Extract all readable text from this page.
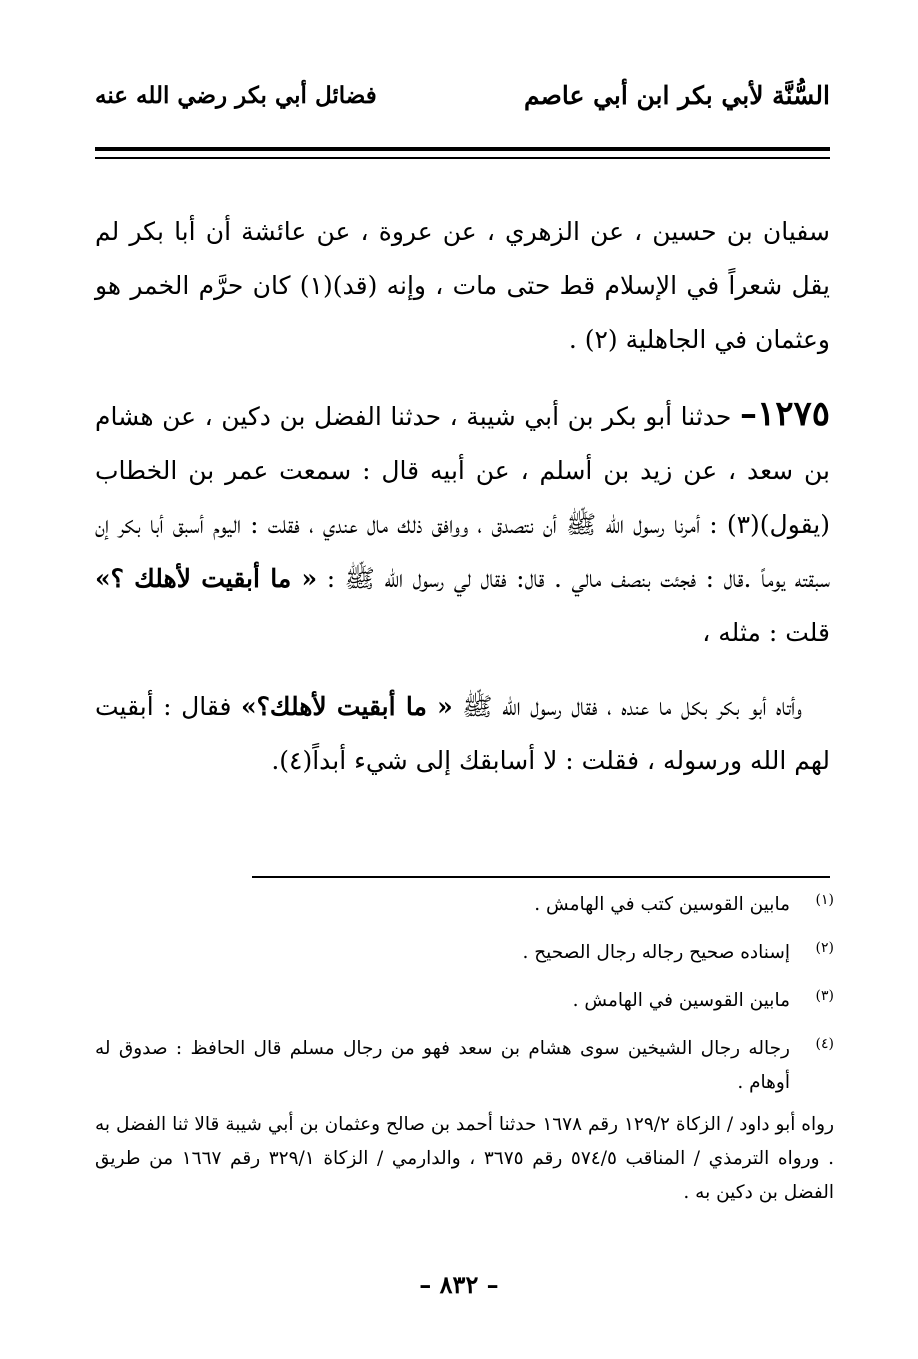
السُّنَّة لأبي بكر ابن أبي عاصم
فضائل أبي بكر رضي الله عنه

سفيان بن حسين ، عن الزهري ، عن عروة ، عن عائشة أن أبا بكر لم يقل شعراً في الإسلام قط حتى مات ، وإنه (قد)(١) كان حرَّم الخمر هو وعثمان في الجاهلية (٢) .

١٢٧٥– حدثنا أبو بكر بن أبي شيبة ، حدثنا الفضل بن دكين ، عن هشام بن سعد ، عن زيد بن أسلم ، عن أبيه قال : سمعت عمر بن الخطاب (يقول)(٣) : أمرنا رسول الله ﷺ أن نتصدق ، ووافق ذلك مال عندي ، فقلت : اليوم أسبق أبا بكر إن سبقته يوماً .قال : فجئت بنصف مالي . قال: فقال لي رسول الله ﷺ : « ما أبقيت لأهلك ؟» قلت : مثله ،

وأتاه أبو بكر بكل ما عنده ، فقال رسول الله ﷺ « ما أبقيت لأهلك؟» فقال : أبقيت لهم الله ورسوله ، فقلت : لا أسابقك إلى شيء أبداً(٤).

(١)
مابين القوسين كتب في الهامش .
(٢)
إسناده صحيح رجاله رجال الصحيح .
(٣)
مابين القوسين في الهامش .
(٤)
رجاله رجال الشيخين سوى هشام بن سعد فهو من رجال مسلم قال الحافظ : صدوق له أوهام .
رواه أبو داود / الزكاة ١٢٩/٢ رقم ١٦٧٨ حدثنا أحمد بن صالح وعثمان بن أبي شيبة قالا ثنا الفضل به . ورواه الترمذي / المناقب ٥٧٤/٥ رقم ٣٦٧٥ ، والدارمي / الزكاة ٣٢٩/١ رقم ١٦٦٧ من طريق الفضل بن دكين به .
– ٨٣٢ –
